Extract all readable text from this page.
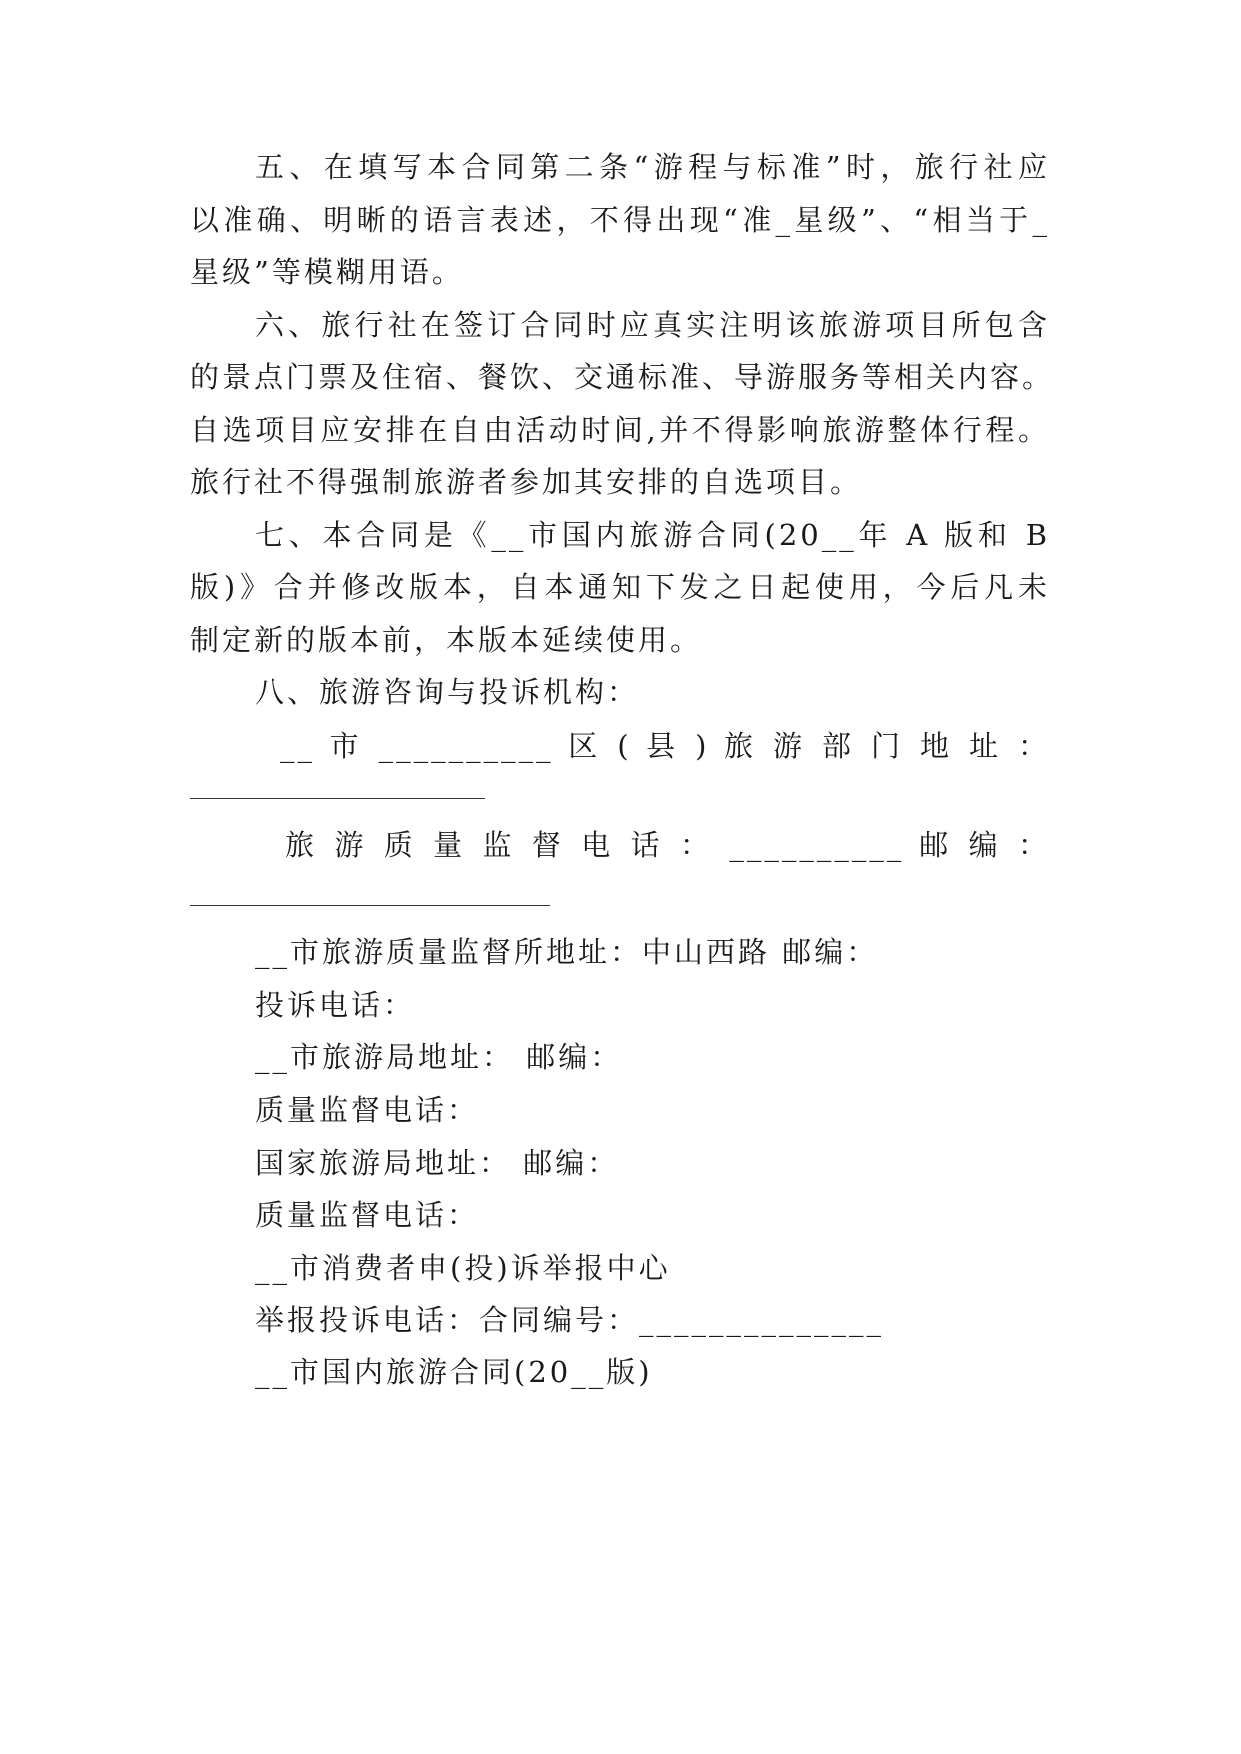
五、在填写本合同第二条“游程与标准”时，旅行社应
以准确、明晰的语言表述，不得出现“准_星级”、“相当于_
星级”等模糊用语。
六、旅行社在签订合同时应真实注明该旅游项目所包含
的景点门票及住宿、餐饮、交通标准、导游服务等相关内容。
自选项目应安排在自由活动时间,并不得影响旅游整体行程。
旅行社不得强制旅游者参加其安排的自选项目。
七、本合同是《__市国内旅游合同(20__年 A 版和 B
版)》合并修改版本，自本通知下发之日起使用，今后凡未
制定新的版本前，本版本延续使用。
八、旅游咨询与投诉机构：
__ 市 __________ 区 ( 县 ) 旅 游 部 门 地 址 ：
旅 游 质 量 监 督 电 话 ： __________ 邮 编 ：
__市旅游质量监督所地址：中山西路 邮编：
投诉电话：
__市旅游局地址： 邮编：
质量监督电话：
国家旅游局地址： 邮编：
质量监督电话：
__市消费者申(投)诉举报中心
举报投诉电话：合同编号：______________
__市国内旅游合同(20__版)
